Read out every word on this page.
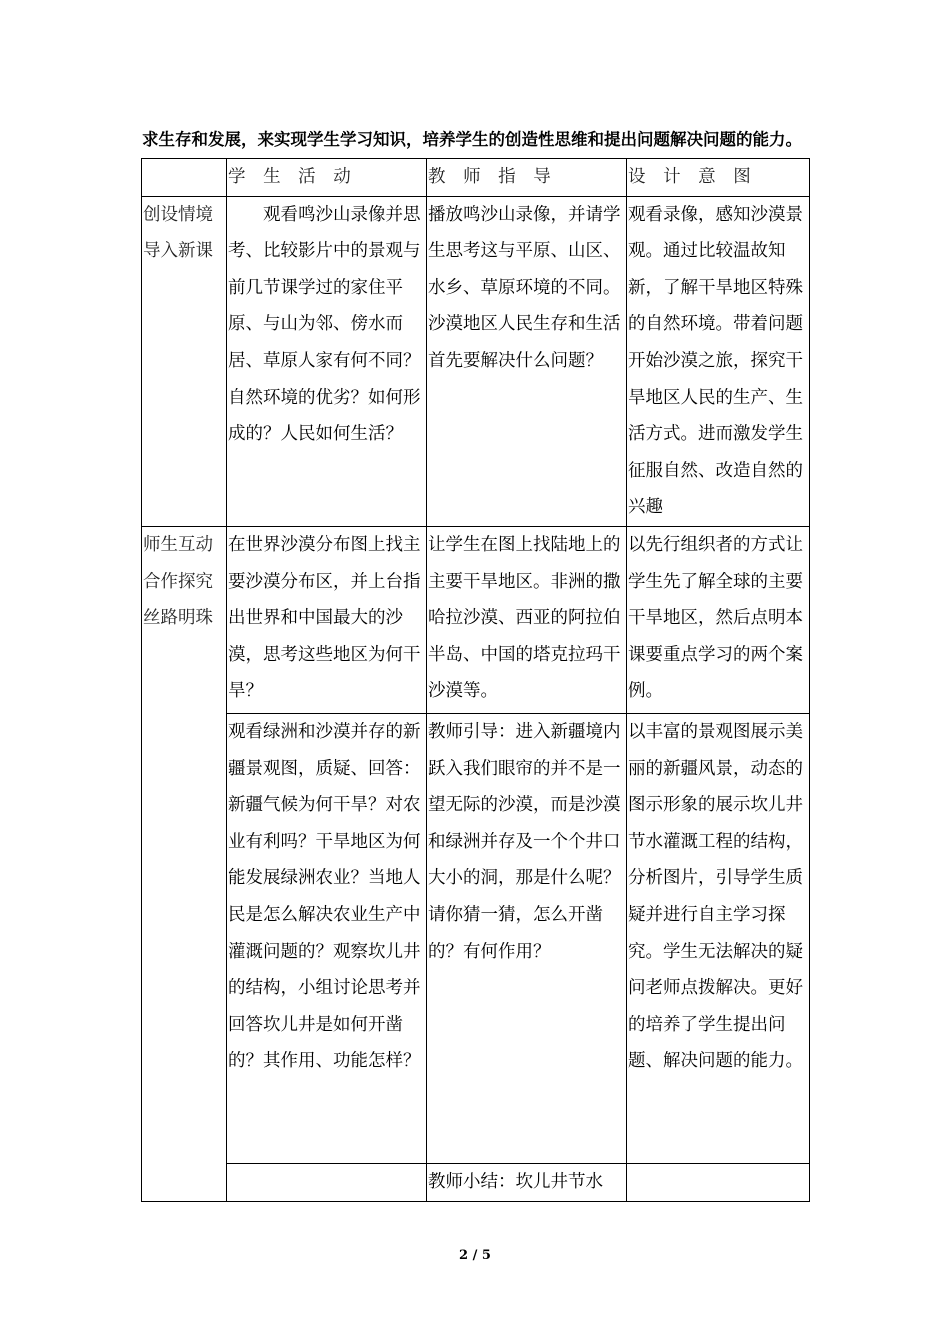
求生存和发展，来实现学生学习知识，培养学生的创造性思维和提出问题解决问题的能力。
	学 生 活 动	教 师 指 导	设 计 意 图
创设情境导入新课	观看鸣沙山录像并思考、比较影片中的景观与前几节课学过的家住平原、与山为邻、傍水而居、草原人家有何不同？自然环境的优劣？如何形成的？人民如何生活？	播放鸣沙山录像，并请学生思考这与平原、山区、水乡、草原环境的不同。沙漠地区人民生存和生活首先要解决什么问题？	观看录像，感知沙漠景观。通过比较温故知新，了解干旱地区特殊的自然环境。带着问题开始沙漠之旅，探究干旱地区人民的生产、生活方式。进而激发学生征服自然、改造自然的兴趣
师生互动合作探究丝路明珠	在世界沙漠分布图上找主要沙漠分布区，并上台指出世界和中国最大的沙漠，思考这些地区为何干旱？	让学生在图上找陆地上的主要干旱地区。非洲的撒哈拉沙漠、西亚的阿拉伯半岛、中国的塔克拉玛干沙漠等。	以先行组织者的方式让学生先了解全球的主要干旱地区，然后点明本课要重点学习的两个案例。
	观看绿洲和沙漠并存的新疆景观图，质疑、回答：新疆气候为何干旱？对农业有利吗？干旱地区为何能发展绿洲农业？当地人民是怎么解决农业生产中灌溉问题的？观察坎儿井的结构，小组讨论思考并回答坎儿井是如何开凿的？其作用、功能怎样？	教师引导：进入新疆境内跃入我们眼帘的并不是一望无际的沙漠，而是沙漠和绿洲并存及一个个井口大小的洞，那是什么呢？请你猜一猜，怎么开凿的？有何作用？	以丰富的景观图展示美丽的新疆风景，动态的图示形象的展示坎儿井节水灌溉工程的结构，分析图片，引导学生质疑并进行自主学习探究。学生无法解决的疑问老师点拨解决。更好的培养了学生提出问题、解决问题的能力。
		教师小结：坎儿井节水	
2 / 5
